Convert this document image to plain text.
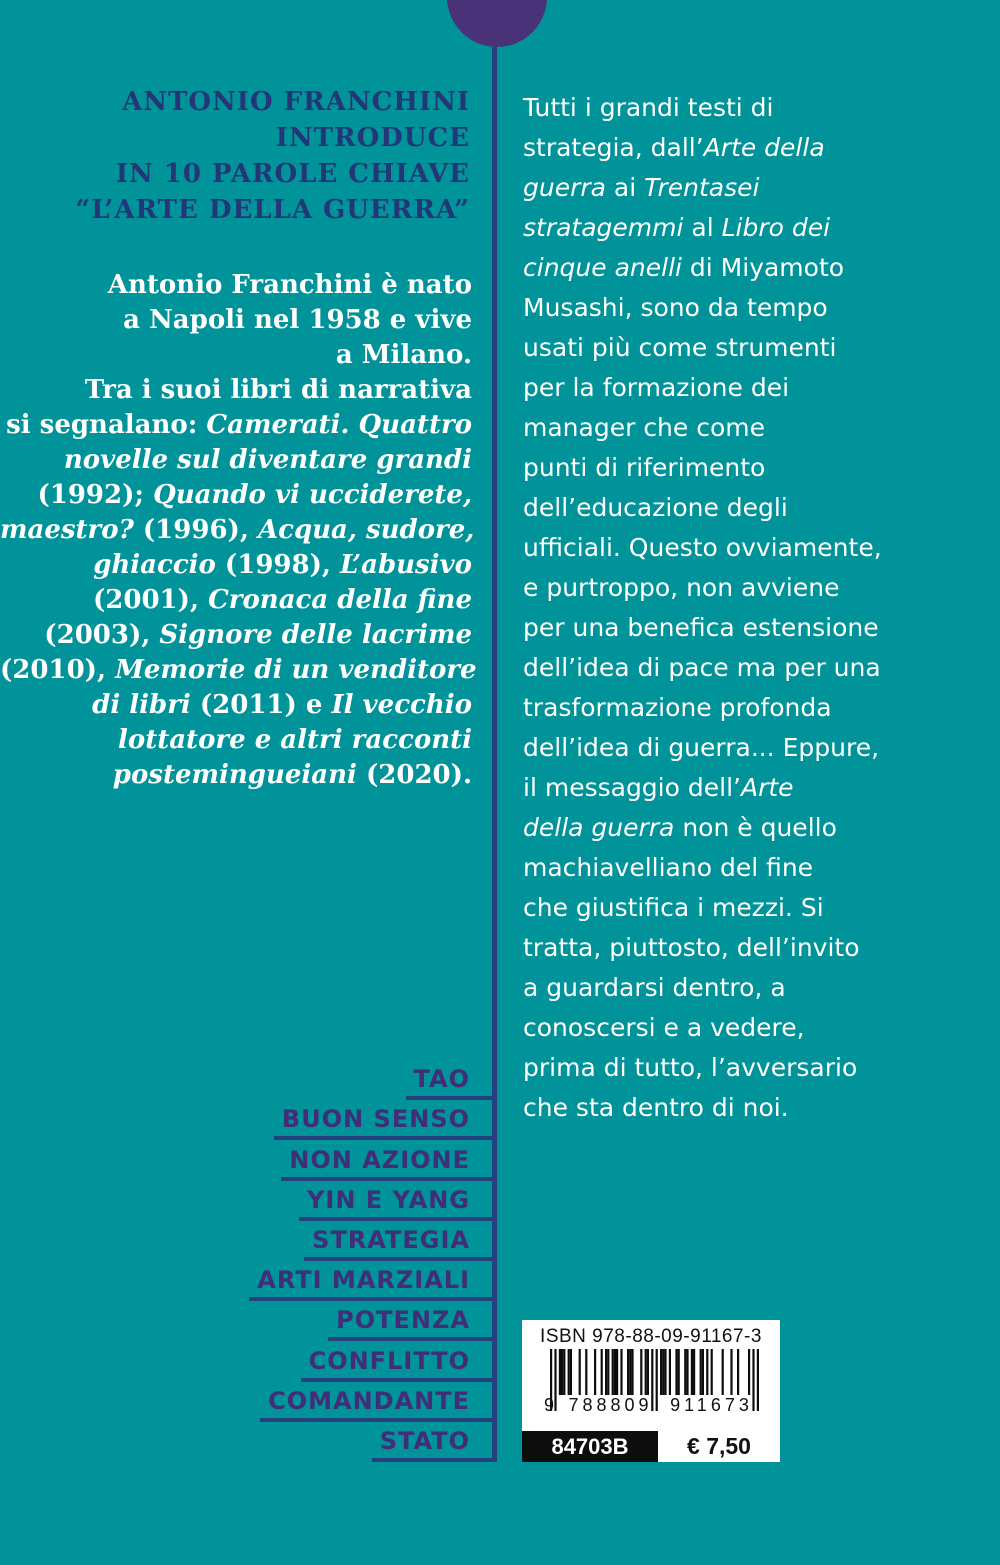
ANTONIO FRANCHINI
INTRODUCE
IN 10 PAROLE CHIAVE
“L’ARTE DELLA GUERRA”
Antonio Franchini è nato
a Napoli nel 1958 e vive
a Milano.
Tra i suoi libri di narrativa
si segnalano: Camerati. Quattro
novelle sul diventare grandi
(1992); Quando vi ucciderete,
maestro? (1996), Acqua, sudore,
ghiaccio (1998), L’abusivo
(2001), Cronaca della fine
(2003), Signore delle lacrime
(2010), Memorie di un venditore
di libri (2011) e Il vecchio
lottatore e altri racconti
postemingueiani (2020).
Tutti i grandi testi di
strategia, dall’Arte della
guerra ai Trentasei
stratagemmi al Libro dei
cinque anelli di Miyamoto
Musashi, sono da tempo
usati più come strumenti
per la formazione dei
manager che come
punti di riferimento
dell’educazione degli
ufficiali. Questo ovviamente,
e purtroppo, non avviene
per una benefica estensione
dell’idea di pace ma per una
trasformazione profonda
dell’idea di guerra... Eppure,
il messaggio dell’Arte
della guerra non è quello
machiavelliano del fine
che giustifica i mezzi. Si
tratta, piuttosto, dell’invito
a guardarsi dentro, a
conoscersi e a vedere,
prima di tutto, l’avversario
che sta dentro di noi.
TAO
BUON SENSO
NON AZIONE
YIN E YANG
STRATEGIA
ARTI MARZIALI
POTENZA
CONFLITTO
COMANDANTE
STATO
ISBN 978-88-09-91167-3
9 788809 911673
84703B	€ 7,50
